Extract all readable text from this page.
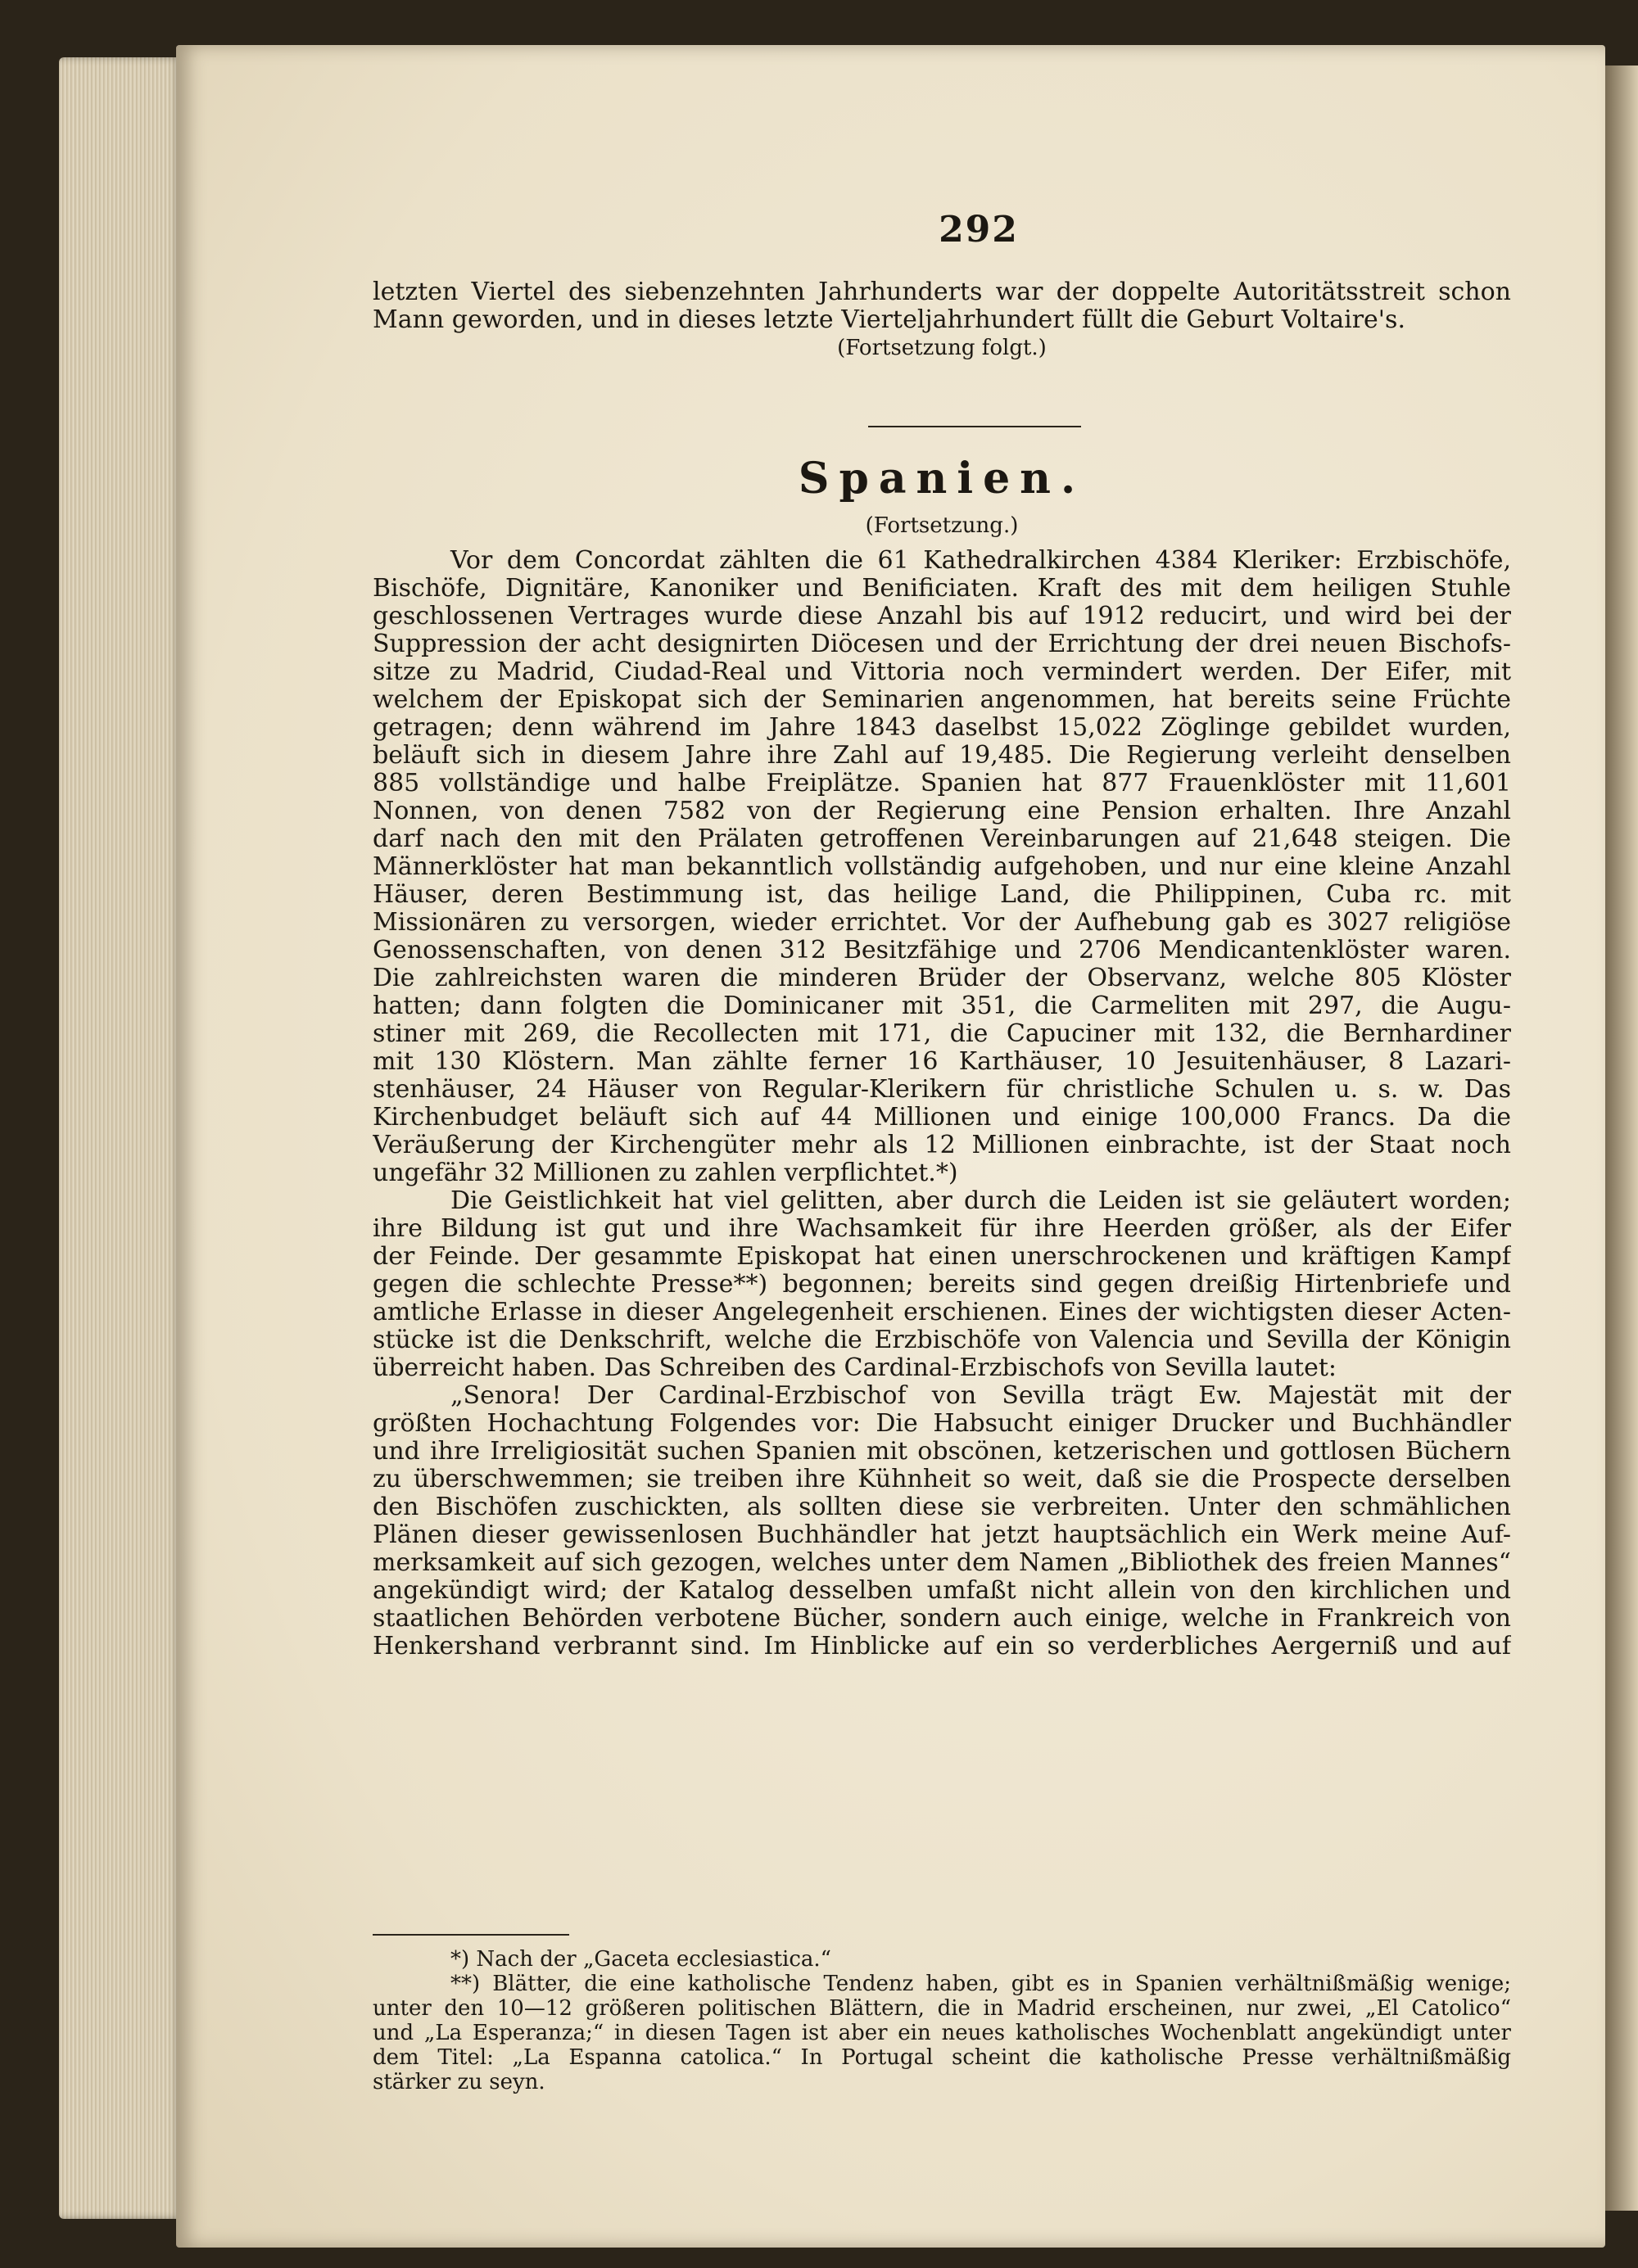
292
letzten Viertel des siebenzehnten Jahrhunderts war der doppelte Autoritätsstreit schon
Mann geworden, und in dieses letzte Vierteljahrhundert füllt die Geburt Voltaire's.
(Fortsetzung folgt.)
Spanien.
(Fortsetzung.)
Vor dem Concordat zählten die 61 Kathedralkirchen 4384 Kleriker: Erzbischöfe,
Bischöfe, Dignitäre, Kanoniker und Benificiaten. Kraft des mit dem heiligen Stuhle
geschlossenen Vertrages wurde diese Anzahl bis auf 1912 reducirt, und wird bei der
Suppression der acht designirten Diöcesen und der Errichtung der drei neuen Bischofs-
sitze zu Madrid, Ciudad-Real und Vittoria noch vermindert werden. Der Eifer, mit
welchem der Episkopat sich der Seminarien angenommen, hat bereits seine Früchte
getragen; denn während im Jahre 1843 daselbst 15,022 Zöglinge gebildet wurden,
beläuft sich in diesem Jahre ihre Zahl auf 19,485. Die Regierung verleiht denselben
885 vollständige und halbe Freiplätze. Spanien hat 877 Frauenklöster mit 11,601
Nonnen, von denen 7582 von der Regierung eine Pension erhalten. Ihre Anzahl
darf nach den mit den Prälaten getroffenen Vereinbarungen auf 21,648 steigen. Die
Männerklöster hat man bekanntlich vollständig aufgehoben, und nur eine kleine Anzahl
Häuser, deren Bestimmung ist, das heilige Land, die Philippinen, Cuba rc. mit
Missionären zu versorgen, wieder errichtet. Vor der Aufhebung gab es 3027 religiöse
Genossenschaften, von denen 312 Besitzfähige und 2706 Mendicantenklöster waren.
Die zahlreichsten waren die minderen Brüder der Observanz, welche 805 Klöster
hatten; dann folgten die Dominicaner mit 351, die Carmeliten mit 297, die Augu-
stiner mit 269, die Recollecten mit 171, die Capuciner mit 132, die Bernhardiner
mit 130 Klöstern. Man zählte ferner 16 Karthäuser, 10 Jesuitenhäuser, 8 Lazari-
stenhäuser, 24 Häuser von Regular-Klerikern für christliche Schulen u. s. w. Das
Kirchenbudget beläuft sich auf 44 Millionen und einige 100,000 Francs. Da die
Veräußerung der Kirchengüter mehr als 12 Millionen einbrachte, ist der Staat noch
ungefähr 32 Millionen zu zahlen verpflichtet.*)
Die Geistlichkeit hat viel gelitten, aber durch die Leiden ist sie geläutert worden;
ihre Bildung ist gut und ihre Wachsamkeit für ihre Heerden größer, als der Eifer
der Feinde. Der gesammte Episkopat hat einen unerschrockenen und kräftigen Kampf
gegen die schlechte Presse**) begonnen; bereits sind gegen dreißig Hirtenbriefe und
amtliche Erlasse in dieser Angelegenheit erschienen. Eines der wichtigsten dieser Acten-
stücke ist die Denkschrift, welche die Erzbischöfe von Valencia und Sevilla der Königin
überreicht haben. Das Schreiben des Cardinal-Erzbischofs von Sevilla lautet:
„Senora! Der Cardinal-Erzbischof von Sevilla trägt Ew. Majestät mit der
größten Hochachtung Folgendes vor: Die Habsucht einiger Drucker und Buchhändler
und ihre Irreligiosität suchen Spanien mit obscönen, ketzerischen und gottlosen Büchern
zu überschwemmen; sie treiben ihre Kühnheit so weit, daß sie die Prospecte derselben
den Bischöfen zuschickten, als sollten diese sie verbreiten. Unter den schmählichen
Plänen dieser gewissenlosen Buchhändler hat jetzt hauptsächlich ein Werk meine Auf-
merksamkeit auf sich gezogen, welches unter dem Namen „Bibliothek des freien Mannes“
angekündigt wird; der Katalog desselben umfaßt nicht allein von den kirchlichen und
staatlichen Behörden verbotene Bücher, sondern auch einige, welche in Frankreich von
Henkershand verbrannt sind. Im Hinblicke auf ein so verderbliches Aergerniß und auf
*) Nach der „Gaceta ecclesiastica.“
**) Blätter, die eine katholische Tendenz haben, gibt es in Spanien verhältnißmäßig wenige;
unter den 10—12 größeren politischen Blättern, die in Madrid erscheinen, nur zwei, „El Catolico“
und „La Esperanza;“ in diesen Tagen ist aber ein neues katholisches Wochenblatt angekündigt unter
dem Titel: „La Espanna catolica.“ In Portugal scheint die katholische Presse verhältnißmäßig
stärker zu seyn.
